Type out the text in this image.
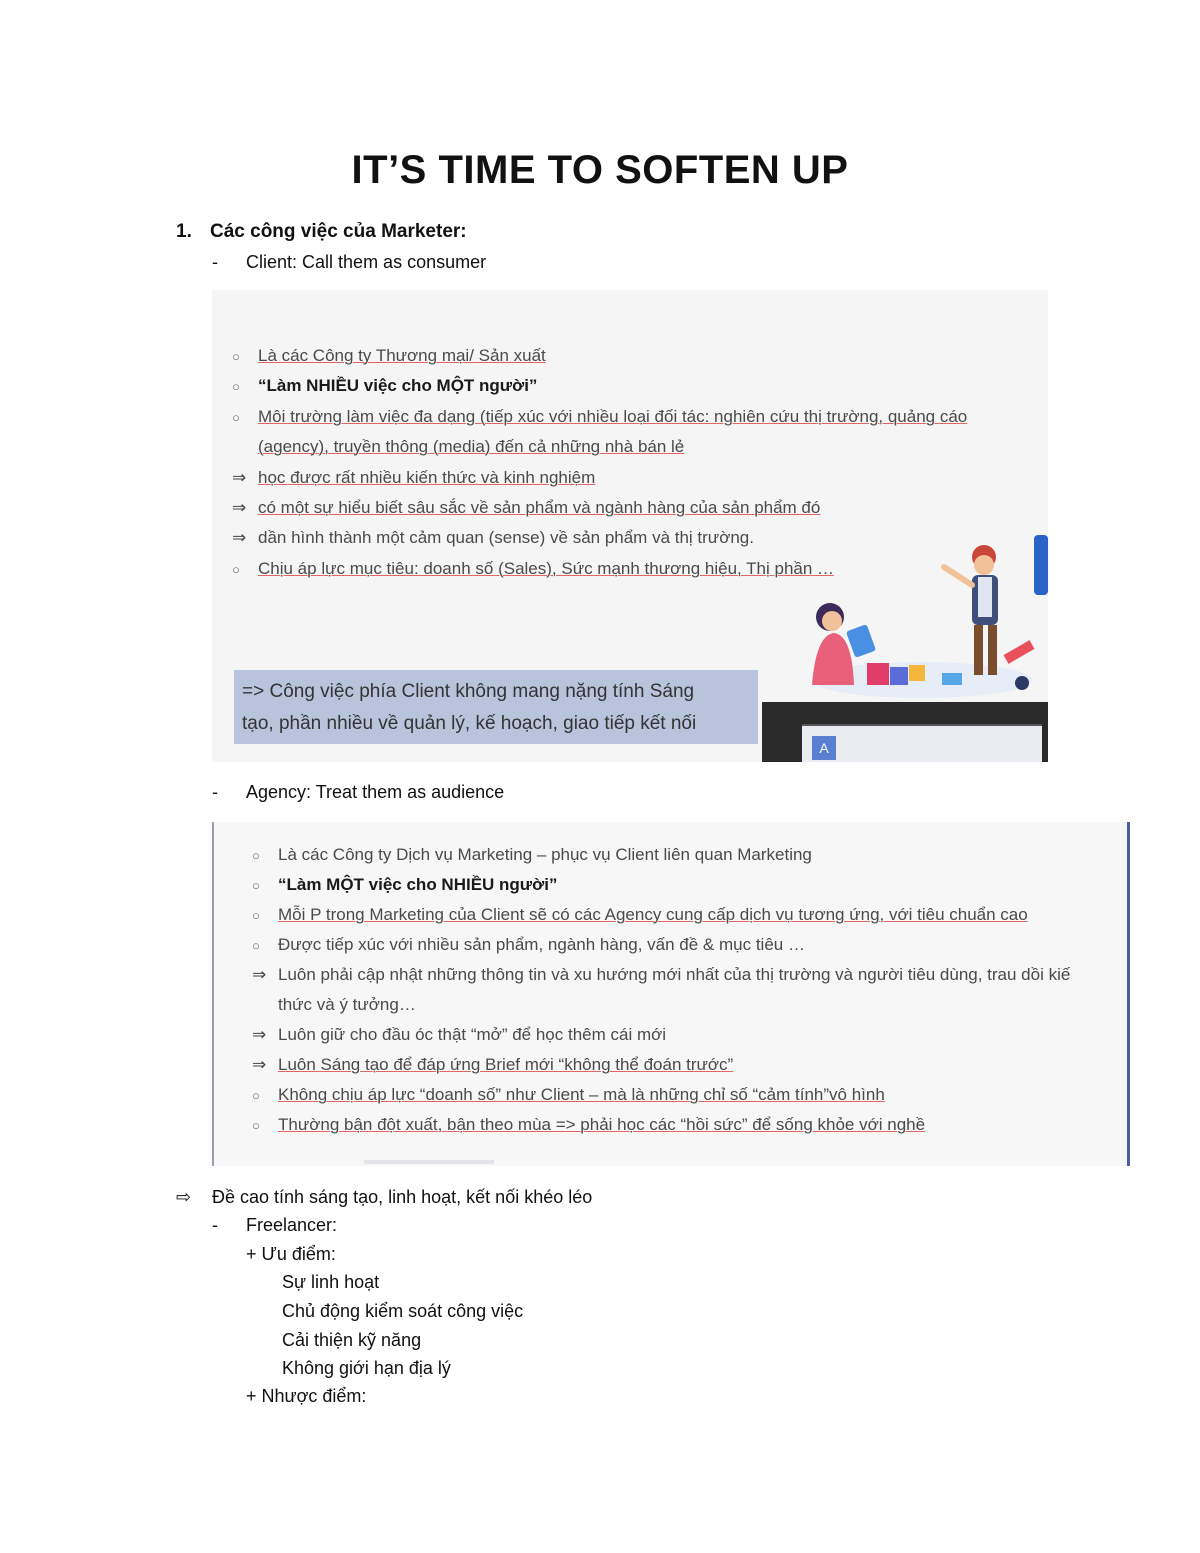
IT’S TIME TO SOFTEN UP
1. Các công việc của Marketer:
- Client: Call them as consumer
○ Là các Công ty Thương mại/ Sản xuất
○ “Làm NHIỀU việc cho MỘT người”
○ Môi trường làm việc đa dạng (tiếp xúc với nhiều loại đối tác: nghiên cứu thị trường, quảng cáo
(agency), truyền thông (media) đến cả những nhà bán lẻ
⇒ học được rất nhiều kiến thức và kinh nghiệm
⇒ có một sự hiểu biết sâu sắc về sản phẩm và ngành hàng của sản phẩm đó
⇒ dần hình thành một cảm quan (sense) về sản phẩm và thị trường.
○ Chịu áp lực mục tiêu: doanh số (Sales), Sức mạnh thương hiệu, Thị phần …
=> Công việc phía Client không mang nặng tính Sáng
tạo, phần nhiều về quản lý, kế hoạch, giao tiếp kết nối
A
- Agency: Treat them as audience
○ Là các Công ty Dịch vụ Marketing – phục vụ Client liên quan Marketing
○ “Làm MỘT việc cho NHIỀU người”
○ Mỗi P trong Marketing của Client sẽ có các Agency cung cấp dịch vụ tương ứng, với tiêu chuẩn cao
○ Được tiếp xúc với nhiều sản phẩm, ngành hàng, vấn đề & mục tiêu …
⇒ Luôn phải cập nhật những thông tin và xu hướng mới nhất của thị trường và người tiêu dùng, trau dồi kiế
thức và ý tưởng…
⇒ Luôn giữ cho đầu óc thật “mở” để học thêm cái mới
⇒ Luôn Sáng tạo để đáp ứng Brief mới “không thể đoán trước”
○ Không chịu áp lực “doanh số” như Client – mà là những chỉ số “cảm tính”vô hình
○ Thường bận đột xuất, bận theo mùa => phải học các “hồi sức” để sống khỏe với nghề
⇨ Đề cao tính sáng tạo, linh hoạt, kết nối khéo léo
- Freelancer:
+ Ưu điểm:
Sự linh hoạt
Chủ động kiểm soát công việc
Cải thiện kỹ năng
Không giới hạn địa lý
+ Nhược điểm:
